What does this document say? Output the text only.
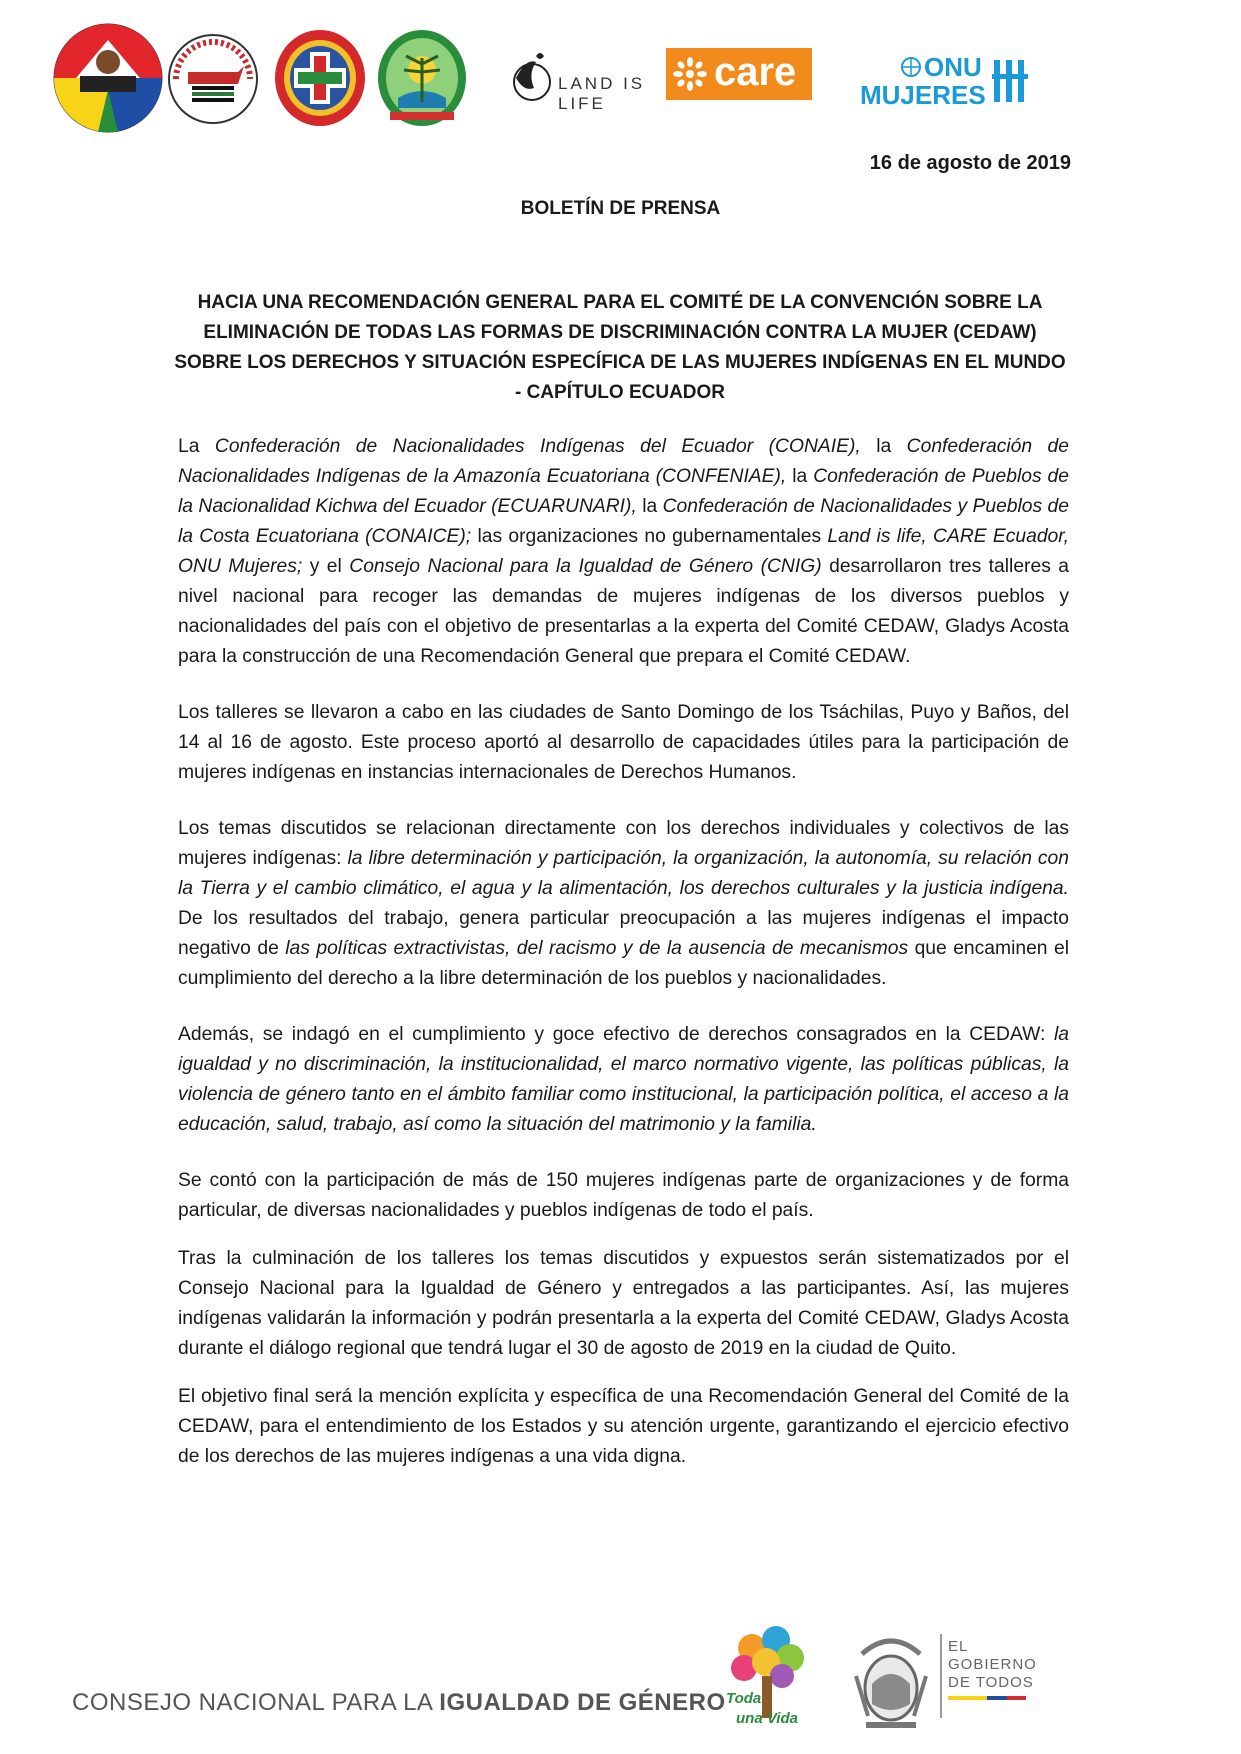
LAND IS LIFE
care	ONU
MUJERES
16 de agosto de 2019
BOLETÍN DE PRENSA
HACIA UNA RECOMENDACIÓN GENERAL PARA EL COMITÉ DE LA CONVENCIÓN SOBRE LA ELIMINACIÓN DE TODAS LAS FORMAS DE DISCRIMINACIÓN CONTRA LA MUJER (CEDAW) SOBRE LOS DERECHOS Y SITUACIÓN ESPECÍFICA DE LAS MUJERES INDÍGENAS EN EL MUNDO - CAPÍTULO ECUADOR

La Confederación de Nacionalidades Indígenas del Ecuador (CONAIE), la Confederación de Nacionalidades Indígenas de la Amazonía Ecuatoriana (CONFENIAE), la Confederación de Pueblos de la Nacionalidad Kichwa del Ecuador (ECUARUNARI), la Confederación de Nacionalidades y Pueblos de la Costa Ecuatoriana (CONAICE); las organizaciones no gubernamentales Land is life, CARE Ecuador, ONU Mujeres; y el Consejo Nacional para la Igualdad de Género (CNIG) desarrollaron tres talleres a nivel nacional para recoger las demandas de mujeres indígenas de los diversos pueblos y nacionalidades del país con el objetivo de presentarlas a la experta del Comité CEDAW, Gladys Acosta para la construcción de una Recomendación General que prepara el Comité CEDAW.

Los talleres se llevaron a cabo en las ciudades de Santo Domingo de los Tsáchilas, Puyo y Baños, del 14 al 16 de agosto. Este proceso aportó al desarrollo de capacidades útiles para la participación de mujeres indígenas en instancias internacionales de Derechos Humanos.

Los temas discutidos se relacionan directamente con los derechos individuales y colectivos de las mujeres indígenas: la libre determinación y participación, la organización, la autonomía, su relación con la Tierra y el cambio climático, el agua y la alimentación, los derechos culturales y la justicia indígena. De los resultados del trabajo, genera particular preocupación a las mujeres indígenas el impacto negativo de las políticas extractivistas, del racismo y de la ausencia de mecanismos que encaminen el cumplimiento del derecho a la libre determinación de los pueblos y nacionalidades.

Además, se indagó en el cumplimiento y goce efectivo de derechos consagrados en la CEDAW: la igualdad y no discriminación, la institucionalidad, el marco normativo vigente, las políticas públicas, la violencia de género tanto en el ámbito familiar como institucional, la participación política, el acceso a la educación, salud, trabajo, así como la situación del matrimonio y la familia.

Se contó con la participación de más de 150 mujeres indígenas parte de organizaciones y de forma particular, de diversas nacionalidades y pueblos indígenas de todo el país.

Tras la culminación de los talleres los temas discutidos y expuestos serán sistematizados por el Consejo Nacional para la Igualdad de Género y entregados a las participantes. Así, las mujeres indígenas validarán la información y podrán presentarla a la experta del Comité CEDAW, Gladys Acosta durante el diálogo regional que tendrá lugar el 30 de agosto de 2019 en la ciudad de Quito.

El objetivo final será la mención explícita y específica de una Recomendación General del Comité de la CEDAW, para el entendimiento de los Estados y su atención urgente, garantizando el ejercicio efectivo de los derechos de las mujeres indígenas a una vida digna.

CONSEJO NACIONAL PARA LA IGUALDAD DE GÉNERO Toda
una Vida
EL
GOBIERNO
DE TODOS
